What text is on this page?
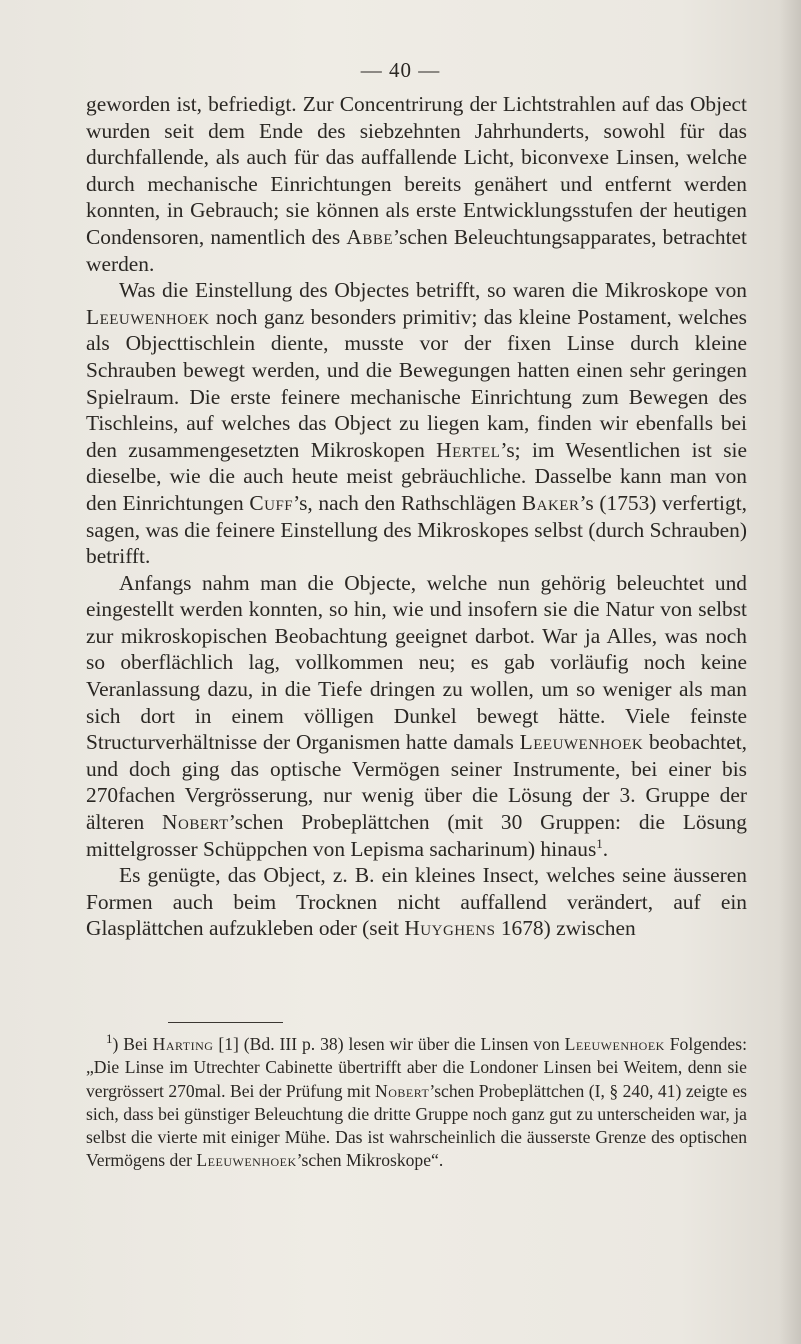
— 40 —

geworden ist, befriedigt. Zur Concentrirung der Lichtstrahlen auf das Object wurden seit dem Ende des siebzehnten Jahrhunderts, sowohl für das durchfallende, als auch für das auffallende Licht, biconvexe Linsen, welche durch mechanische Einrichtungen bereits genähert und entfernt werden konnten, in Gebrauch; sie können als erste Entwicklungsstufen der heutigen Condensoren, namentlich des Abbe’schen Beleuchtungsapparates, betrachtet werden.

Was die Einstellung des Objectes betrifft, so waren die Mikroskope von Leeuwenhoek noch ganz besonders primitiv; das kleine Postament, welches als Objecttischlein diente, musste vor der fixen Linse durch kleine Schrauben bewegt werden, und die Bewegungen hatten einen sehr geringen Spielraum. Die erste feinere mechanische Einrichtung zum Bewegen des Tischleins, auf welches das Object zu liegen kam, finden wir ebenfalls bei den zusammengesetzten Mikroskopen Hertel’s; im Wesentlichen ist sie dieselbe, wie die auch heute meist gebräuchliche. Dasselbe kann man von den Einrichtungen Cuff’s, nach den Rathschlägen Baker’s (1753) verfertigt, sagen, was die feinere Einstellung des Mikroskopes selbst (durch Schrauben) betrifft.

Anfangs nahm man die Objecte, welche nun gehörig beleuchtet und eingestellt werden konnten, so hin, wie und insofern sie die Natur von selbst zur mikroskopischen Beobachtung geeignet darbot. War ja Alles, was noch so oberflächlich lag, vollkommen neu; es gab vorläufig noch keine Veranlassung dazu, in die Tiefe dringen zu wollen, um so weniger als man sich dort in einem völligen Dunkel bewegt hätte. Viele feinste Structurverhältnisse der Organismen hatte damals Leeuwenhoek beobachtet, und doch ging das optische Vermögen seiner Instrumente, bei einer bis 270fachen Vergrösserung, nur wenig über die Lösung der 3. Gruppe der älteren Nobert’schen Probeplättchen (mit 30 Gruppen: die Lösung mittelgrosser Schüppchen von Lepisma sacharinum) hinaus$^1$.

Es genügte, das Object, z. B. ein kleines Insect, welches seine äusseren Formen auch beim Trocknen nicht auffallend verändert, auf ein Glasplättchen aufzukleben oder (seit Huyghens 1678) zwischen

$^1$) Bei Harting [1] (Bd. III p. 38) lesen wir über die Linsen von Leeuwenhoek Folgendes: „Die Linse im Utrechter Cabinette übertrifft aber die Londoner Linsen bei Weitem, denn sie vergrössert 270mal. Bei der Prüfung mit Nobert’schen Probeplättchen (I, § 240, 41) zeigte es sich, dass bei günstiger Beleuchtung die dritte Gruppe noch ganz gut zu unterscheiden war, ja selbst die vierte mit einiger Mühe. Das ist wahrscheinlich die äusserste Grenze des optischen Vermögens der Leeuwenhoek’schen Mikroskope“.
